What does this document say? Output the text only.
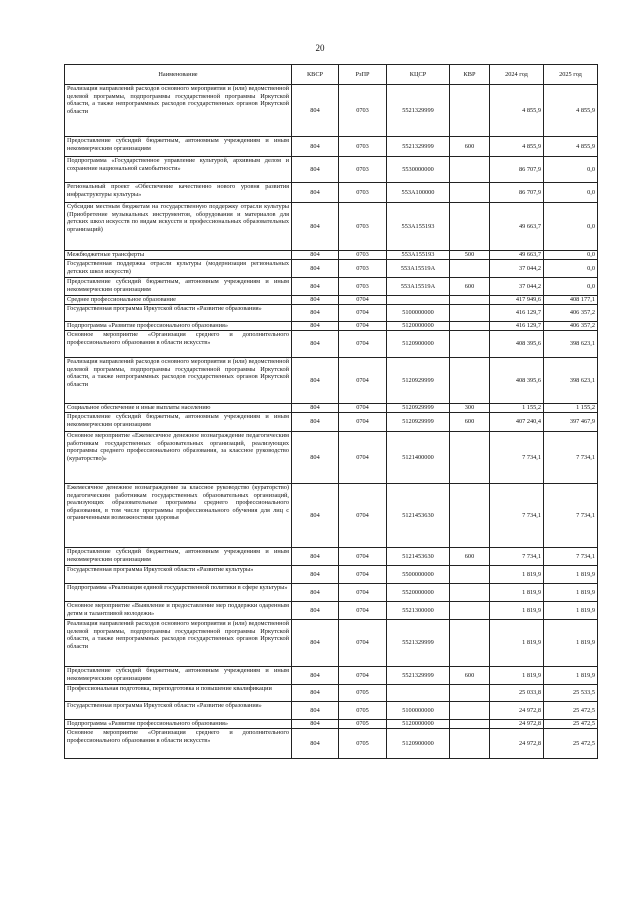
20
Наименование	КВСР	РзПР	КЦСР	КВР	2024 год	2025 год
Реализация направлений расходов основного мероприятия и (или) ведомственной целевой программы, подпрограммы государственной программы Иркутской области, а также непрограммных расходов государственных органов Иркутской области	804	0703	5521329999		4 855,9	4 855,9
Предоставление субсидий бюджетным, автономным учреждениям и иным некоммерческим организациям	804	0703	5521329999	600	4 855,9	4 855,9
Подпрограмма «Государственное управление культурой, архивным делом и сохранение национальной самобытности»	804	0703	5530000000		86 707,9	0,0
Региональный проект «Обеспечение качественно нового уровня развития инфраструктуры культуры»	804	0703	553A100000		86 707,9	0,0
Субсидии местным бюджетам на государственную поддержку отрасли культуры (Приобретение музыкальных инструментов, оборудования и материалов для детских школ искусств по видам искусств и профессиональных образовательных организаций)	804	0703	553A155193		49 663,7	0,0
Межбюджетные трансферты	804	0703	553A155193	500	49 663,7	0,0
Государственная поддержка отрасли культуры (модернизация региональных детских школ искусств)	804	0703	553A15519A		37 044,2	0,0
Предоставление субсидий бюджетным, автономным учреждениям и иным некоммерческим организациям	804	0703	553A15519A	600	37 044,2	0,0
Среднее профессиональное образование	804	0704			417 949,6	408 177,1
Государственная программа Иркутской области «Развитие образования»	804	0704	5100000000		416 129,7	406 357,2
Подпрограмма «Развитие профессионального образования»	804	0704	5120000000		416 129,7	406 357,2
Основное мероприятие «Организация среднего и дополнительного профессионального образования в области искусств»	804	0704	5120900000		408 395,6	398 623,1
Реализация направлений расходов основного мероприятия и (или) ведомственной целевой программы, подпрограммы государственной программы Иркутской области, а также непрограммных расходов государственных органов Иркутской области	804	0704	5120929999		408 395,6	398 623,1
Социальное обеспечение и иные выплаты населению	804	0704	5120929999	300	1 155,2	1 155,2
Предоставление субсидий бюджетным, автономным учреждениям и иным некоммерческим организациям	804	0704	5120929999	600	407 240,4	397 467,9
Основное мероприятие «Ежемесячное денежное вознаграждение педагогическим работникам государственных образовательных организаций, реализующих программы среднего профессионального образования, за классное руководство (кураторство)»	804	0704	5121400000		7 734,1	7 734,1
Ежемесячное денежное вознаграждение за классное руководство (кураторство) педагогическим работникам государственных образовательных организаций, реализующих образовательные программы среднего профессионального образования, в том числе программы профессионального обучения для лиц с ограниченными возможностями здоровья	804	0704	5121453630		7 734,1	7 734,1
Предоставление субсидий бюджетным, автономным учреждениям и иным некоммерческим организациям	804	0704	5121453630	600	7 734,1	7 734,1
Государственная программа Иркутской области «Развитие культуры»	804	0704	5500000000		1 819,9	1 819,9
Подпрограмма «Реализация единой государственной политики в сфере культуры»	804	0704	5520000000		1 819,9	1 819,9
Основное мероприятие «Выявление и предоставление мер поддержки одаренным детям и талантливой молодежи»	804	0704	5521300000		1 819,9	1 819,9
Реализация направлений расходов основного мероприятия и (или) ведомственной целевой программы, подпрограммы государственной программы Иркутской области, а также непрограммных расходов государственных органов Иркутской области	804	0704	5521329999		1 819,9	1 819,9
Предоставление субсидий бюджетным, автономным учреждениям и иным некоммерческим организациям	804	0704	5521329999	600	1 819,9	1 819,9
Профессиональная подготовка, переподготовка и повышение квалификации	804	0705			25 033,8	25 533,5
Государственная программа Иркутской области «Развитие образования»	804	0705	5100000000		24 972,8	25 472,5
Подпрограмма «Развитие профессионального образования»	804	0705	5120000000		24 972,8	25 472,5
Основное мероприятие «Организация среднего и дополнительного профессионального образования в области искусств»	804	0705	5120900000		24 972,8	25 472,5
